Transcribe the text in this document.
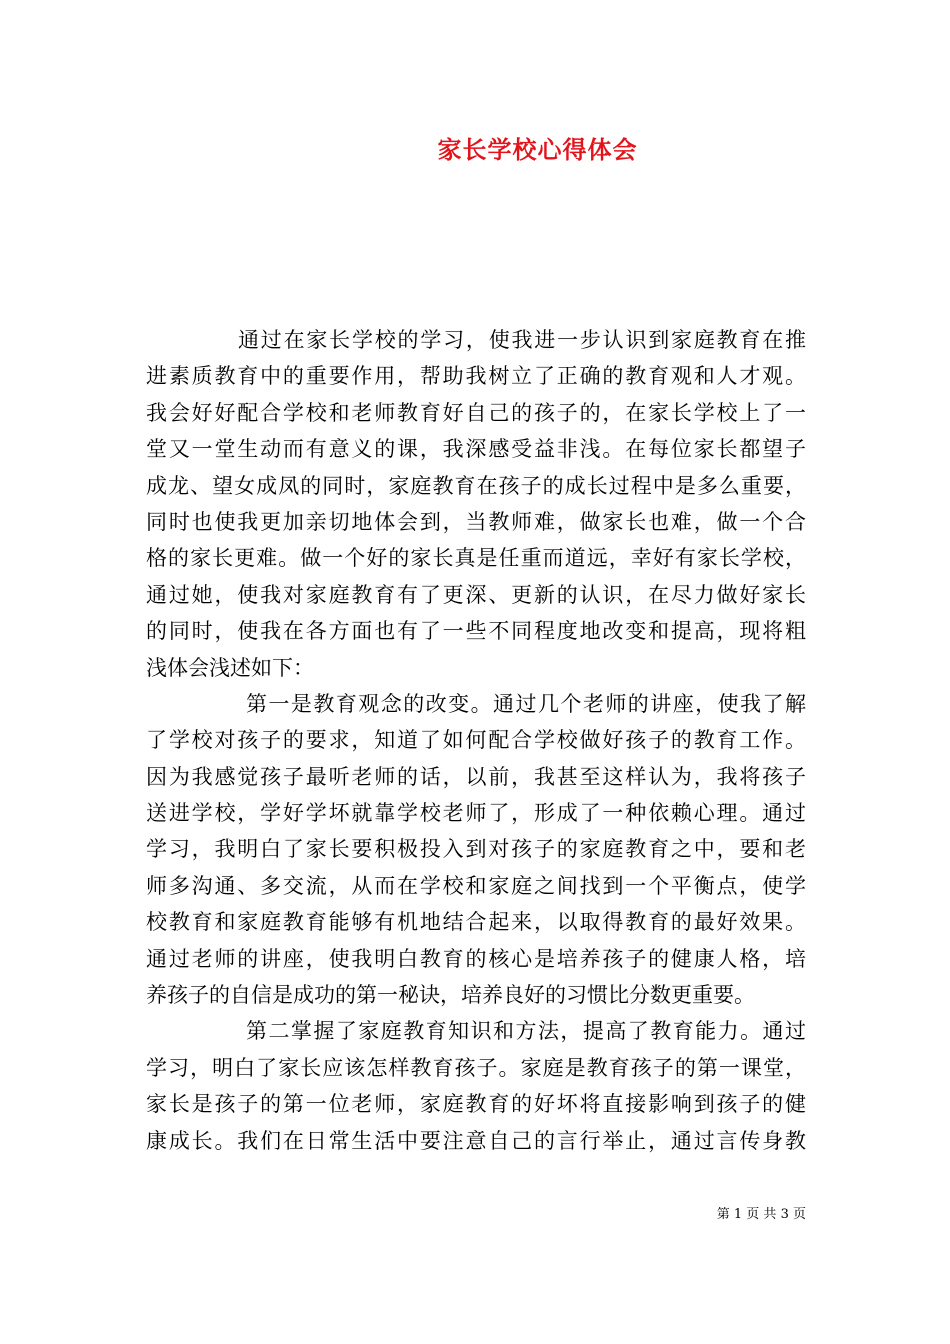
家长学校心得体会
通过在家长学校的学习，使我进一步认识到家庭教育在推
进素质教育中的重要作用，帮助我树立了正确的教育观和人才观。
我会好好配合学校和老师教育好自己的孩子的，在家长学校上了一
堂又一堂生动而有意义的课，我深感受益非浅。在每位家长都望子
成龙、望女成凤的同时，家庭教育在孩子的成长过程中是多么重要，
同时也使我更加亲切地体会到，当教师难，做家长也难，做一个合
格的家长更难。做一个好的家长真是任重而道远，幸好有家长学校，
通过她，使我对家庭教育有了更深、更新的认识，在尽力做好家长
的同时，使我在各方面也有了一些不同程度地改变和提高，现将粗
浅体会浅述如下：
第一是教育观念的改变。通过几个老师的讲座，使我了解
了学校对孩子的要求，知道了如何配合学校做好孩子的教育工作。
因为我感觉孩子最听老师的话，以前，我甚至这样认为，我将孩子
送进学校，学好学坏就靠学校老师了，形成了一种依赖心理。通过
学习，我明白了家长要积极投入到对孩子的家庭教育之中，要和老
师多沟通、多交流，从而在学校和家庭之间找到一个平衡点，使学
校教育和家庭教育能够有机地结合起来，以取得教育的最好效果。
通过老师的讲座，使我明白教育的核心是培养孩子的健康人格，培
养孩子的自信是成功的第一秘诀，培养良好的习惯比分数更重要。
第二掌握了家庭教育知识和方法，提高了教育能力。通过
学习，明白了家长应该怎样教育孩子。家庭是教育孩子的第一课堂，
家长是孩子的第一位老师，家庭教育的好坏将直接影响到孩子的健
康成长。我们在日常生活中要注意自己的言行举止，通过言传身教
第 1 页 共 3 页
